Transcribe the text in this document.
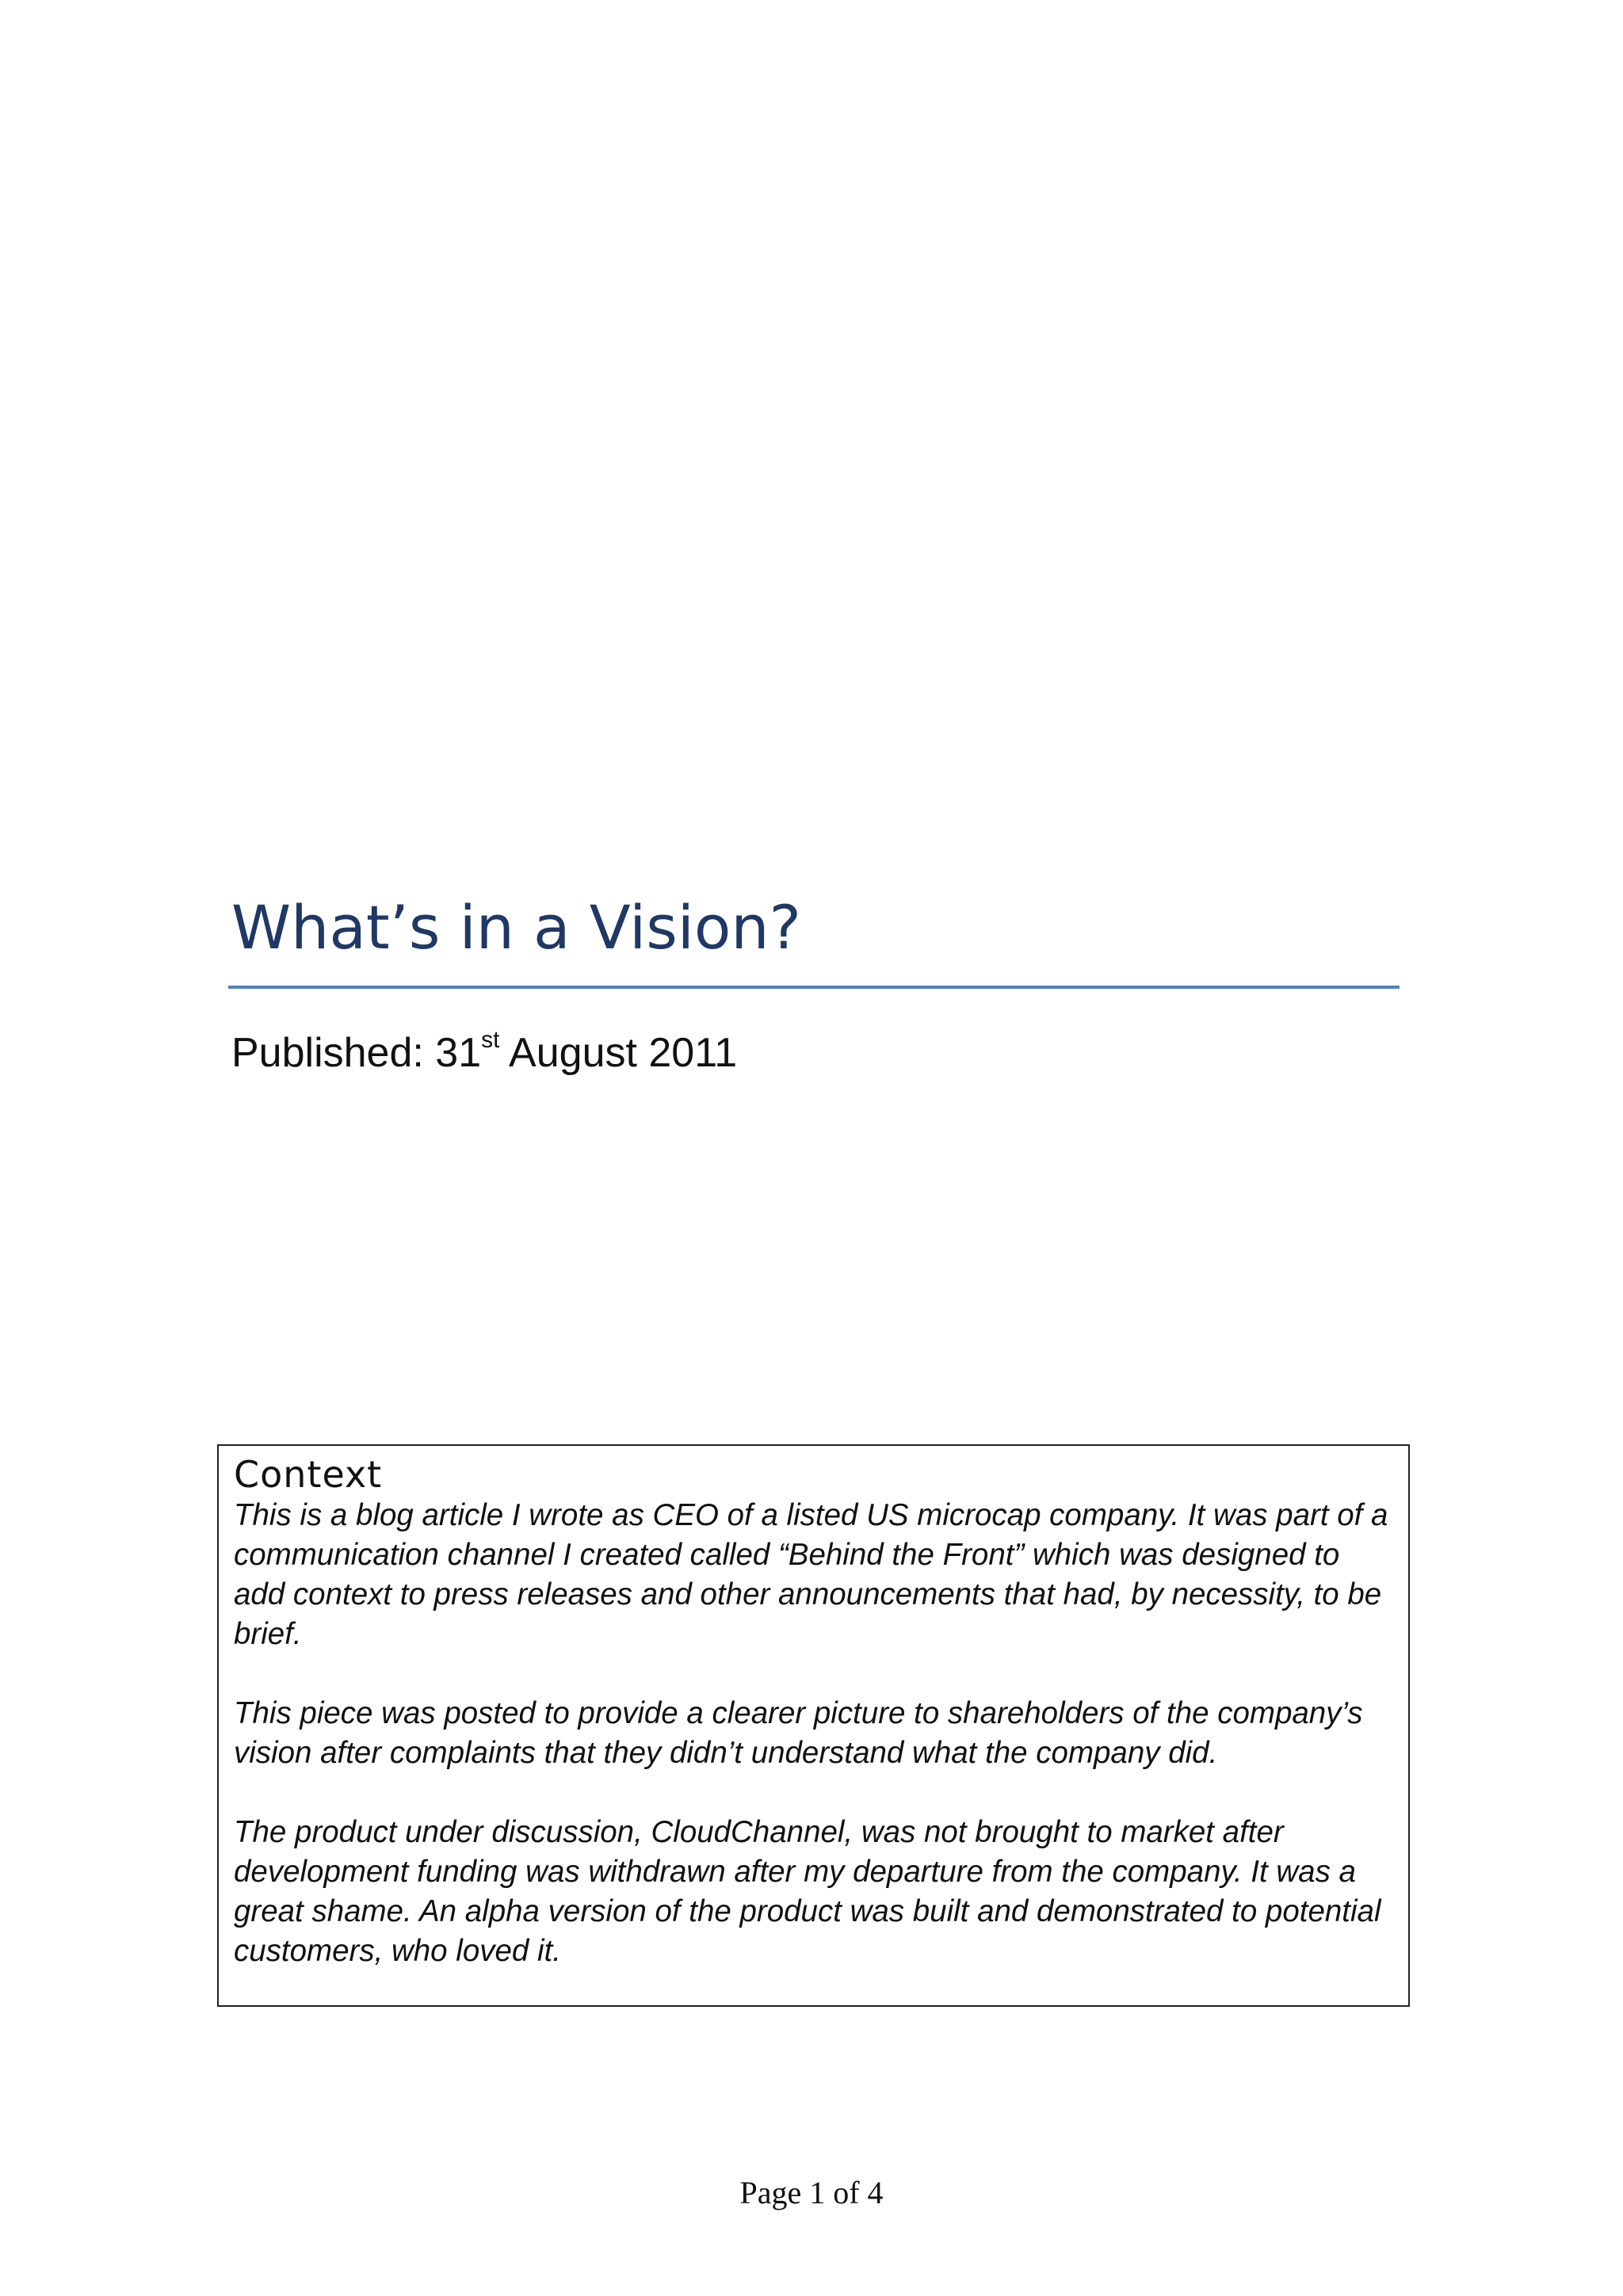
What’s in a Vision?
Published: 31st August 2011

Context

This is a blog article I wrote as CEO of a listed US microcap company. It was part of a communication channel I created called “Behind the Front” which was designed to add context to press releases and other announcements that had, by necessity, to be brief.

This piece was posted to provide a clearer picture to shareholders of the company’s vision after complaints that they didn’t understand what the company did.

The product under discussion, CloudChannel, was not brought to market after development funding was withdrawn after my departure from the company. It was a great shame. An alpha version of the product was built and demonstrated to potential customers, who loved it.

Page 1 of 4
